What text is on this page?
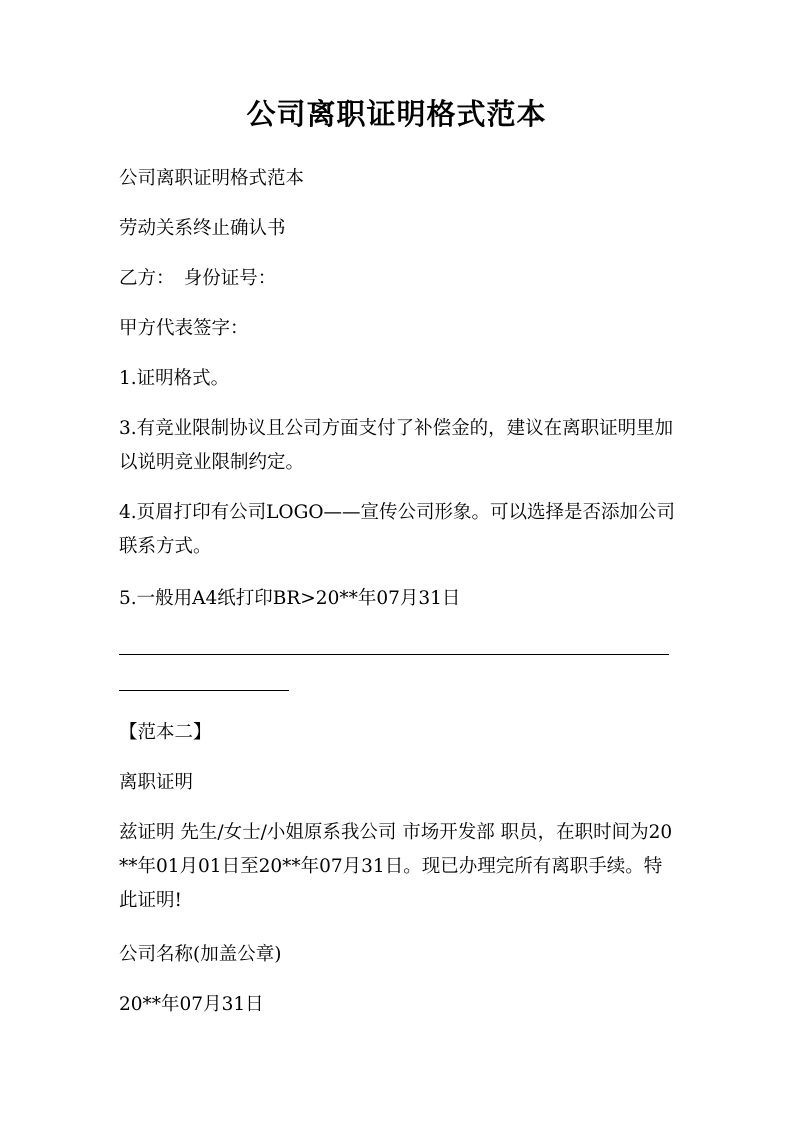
公司离职证明格式范本
公司离职证明格式范本
劳动关系终止确认书
乙方：　身份证号：
甲方代表签字：
1.证明格式。
3.有竞业限制协议且公司方面支付了补偿金的，建议在离职证明里加以说明竞业限制约定。
4.页眉打印有公司LOGO——宣传公司形象。可以选择是否添加公司联系方式。
5.一般用A4纸打印BR>20**年07月31日
【范本二】
离职证明
兹证明 先生/女士/小姐原系我公司 市场开发部 职员，在职时间为20**年01月01日至20**年07月31日。现已办理完所有离职手续。特此证明!
公司名称(加盖公章)
20**年07月31日
